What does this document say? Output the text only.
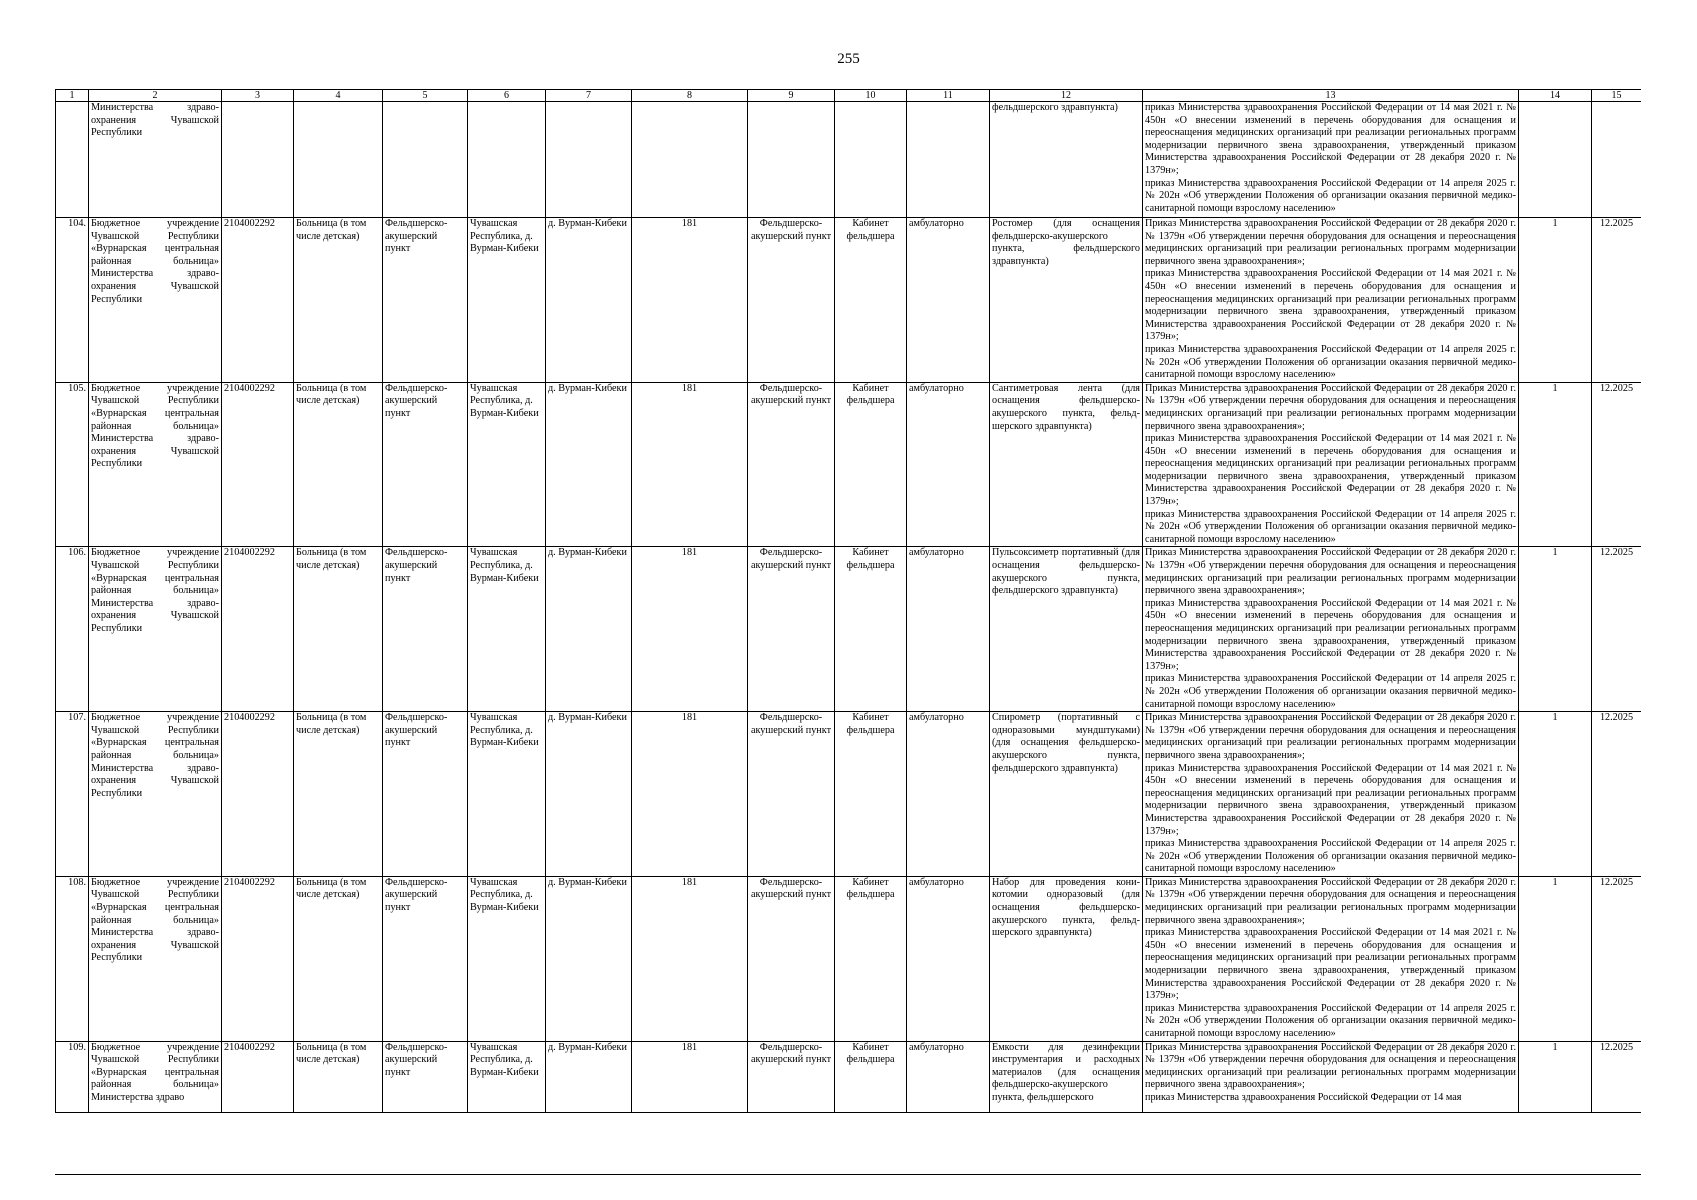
255
1	2	3	4	5	6	7	8	9	10	11	12	13	14	15
	Министерства здравоохранения Чувашской Республики										фельдшерского здравпункта)	приказ Министерства здравоохранения Российской Федерации от 14 мая 2021 г. № 450н «О внесении изменений в перечень оборудования для оснащения и переоснащения медицинских организаций при реализации региональных программ модернизации первичного звена здравоохранения, утвержденный приказом Министерства здравоохранения Российской Федерации от 28 декабря 2020 г. № 1379н»;
приказ Министерства здравоохранения Российской Федерации от 14 апреля 2025 г. № 202н «Об утверждении Положения об организации оказания первичной медико-санитарной помощи взрослому населению»		

104.	Бюджетное учреждение Чувашской Республики «Вурнарская центральная районная больница» Министерства здравоохранения Чувашской Республики	2104002292	Больница (в том числе детская)	Фельдшерско-акушерский пункт	Чувашская Республика, д. Вурман-Кибеки	д. Вурман-Кибеки	181	Фельдшерско-акушерский пункт	Кабинет фельдшера	амбулаторно	Ростомер (для оснащения фельдшерско-акушерского пункта, фельдшерского здравпункта)	Приказ Министерства здравоохранения Российской Федерации от 28 декабря 2020 г. № 1379н «Об утверждении перечня оборудования для оснащения и переоснащения медицинских организаций при реализации региональных программ модернизации первичного звена здравоохранения»;
приказ Министерства здравоохранения Российской Федерации от 14 мая 2021 г. № 450н «О внесении изменений в перечень оборудования для оснащения и переоснащения медицинских организаций при реализации региональных программ модернизации первичного звена здравоохранения, утвержденный приказом Министерства здравоохранения Российской Федерации от 28 декабря 2020 г. № 1379н»;
приказ Министерства здравоохранения Российской Федерации от 14 апреля 2025 г. № 202н «Об утверждении Положения об организации оказания первичной медико-санитарной помощи взрослому населению»	1	12.2025
105.	Бюджетное учреждение Чувашской Республики «Вурнарская центральная районная больница» Министерства здравоохранения Чувашской Республики	2104002292	Больница (в том числе детская)	Фельдшерско-акушерский пункт	Чувашская Республика, д. Вурман-Кибеки	д. Вурман-Кибеки	181	Фельдшерско-акушерский пункт	Кабинет фельдшера	амбулаторно	Сантиметровая лента (для оснащения фельдшерско-акушерского пункта, фельдшерского здравпункта)	Приказ Министерства здравоохранения Российской Федерации от 28 декабря 2020 г. № 1379н «Об утверждении перечня оборудования для оснащения и переоснащения медицинских организаций при реализации региональных программ модернизации первичного звена здравоохранения»;
приказ Министерства здравоохранения Российской Федерации от 14 мая 2021 г. № 450н «О внесении изменений в перечень оборудования для оснащения и переоснащения медицинских организаций при реализации региональных программ модернизации первичного звена здравоохранения, утвержденный приказом Министерства здравоохранения Российской Федерации от 28 декабря 2020 г. № 1379н»;
приказ Министерства здравоохранения Российской Федерации от 14 апреля 2025 г. № 202н «Об утверждении Положения об организации оказания первичной медико-санитарной помощи взрослому населению»	1	12.2025
106.	Бюджетное учреждение Чувашской Республики «Вурнарская центральная районная больница» Министерства здравоохранения Чувашской Республики	2104002292	Больница (в том числе детская)	Фельдшерско-акушерский пункт	Чувашская Республика, д. Вурман-Кибеки	д. Вурман-Кибеки	181	Фельдшерско-акушерский пункт	Кабинет фельдшера	амбулаторно	Пульсоксиметр портативный (для оснащения фельдшерско-акушерского пункта, фельдшерского здравпункта)	Приказ Министерства здравоохранения Российской Федерации от 28 декабря 2020 г. № 1379н «Об утверждении перечня оборудования для оснащения и переоснащения медицинских организаций при реализации региональных программ модернизации первичного звена здравоохранения»;
приказ Министерства здравоохранения Российской Федерации от 14 мая 2021 г. № 450н «О внесении изменений в перечень оборудования для оснащения и переоснащения медицинских организаций при реализации региональных программ модернизации первичного звена здравоохранения, утвержденный приказом Министерства здравоохранения Российской Федерации от 28 декабря 2020 г. № 1379н»;
приказ Министерства здравоохранения Российской Федерации от 14 апреля 2025 г. № 202н «Об утверждении Положения об организации оказания первичной медико-санитарной помощи взрослому населению»	1	12.2025
107.	Бюджетное учреждение Чувашской Республики «Вурнарская центральная районная больница» Министерства здравоохранения Чувашской Республики	2104002292	Больница (в том числе детская)	Фельдшерско-акушерский пункт	Чувашская Республика, д. Вурман-Кибеки	д. Вурман-Кибеки	181	Фельдшерско-акушерский пункт	Кабинет фельдшера	амбулаторно	Спирометр (портативный с одноразовыми мундштуками) (для оснащения фельдшерско-акушерского пункта, фельдшерского здравпункта)	Приказ Министерства здравоохранения Российской Федерации от 28 декабря 2020 г. № 1379н «Об утверждении перечня оборудования для оснащения и переоснащения медицинских организаций при реализации региональных программ модернизации первичного звена здравоохранения»;
приказ Министерства здравоохранения Российской Федерации от 14 мая 2021 г. № 450н «О внесении изменений в перечень оборудования для оснащения и переоснащения медицинских организаций при реализации региональных программ модернизации первичного звена здравоохранения, утвержденный приказом Министерства здравоохранения Российской Федерации от 28 декабря 2020 г. № 1379н»;
приказ Министерства здравоохранения Российской Федерации от 14 апреля 2025 г. № 202н «Об утверждении Положения об организации оказания первичной медико-санитарной помощи взрослому населению»	1	12.2025
108.	Бюджетное учреждение Чувашской Республики «Вурнарская центральная районная больница» Министерства здравоохранения Чувашской Республики	2104002292	Больница (в том числе детская)	Фельдшерско-акушерский пункт	Чувашская Республика, д. Вурман-Кибеки	д. Вурман-Кибеки	181	Фельдшерско-акушерский пункт	Кабинет фельдшера	амбулаторно	Набор для проведения коникотомии одноразовый (для оснащения фельдшерско-акушерского пункта, фельдшерского здравпункта)	Приказ Министерства здравоохранения Российской Федерации от 28 декабря 2020 г. № 1379н «Об утверждении перечня оборудования для оснащения и переоснащения медицинских организаций при реализации региональных программ модернизации первичного звена здравоохранения»;
приказ Министерства здравоохранения Российской Федерации от 14 мая 2021 г. № 450н «О внесении изменений в перечень оборудования для оснащения и переоснащения медицинских организаций при реализации региональных программ модернизации первичного звена здравоохранения, утвержденный приказом Министерства здравоохранения Российской Федерации от 28 декабря 2020 г. № 1379н»;
приказ Министерства здравоохранения Российской Федерации от 14 апреля 2025 г. № 202н «Об утверждении Положения об организации оказания первичной медико-санитарной помощи взрослому населению»	1	12.2025
109.	Бюджетное учреждение Чувашской Республики «Вурнарская центральная районная больница» Министерства здраво	2104002292	Больница (в том числе детская)	Фельдшерско-акушерский пункт	Чувашская Республика, д. Вурман-Кибеки	д. Вурман-Кибеки	181	Фельдшерско-акушерский пункт	Кабинет фельдшера	амбулаторно	Емкости для дезинфекции инструментария и расходных материалов (для оснащения фельдшерско-акушерского пункта, фельдшерского	Приказ Министерства здравоохранения Российской Федерации от 28 декабря 2020 г. № 1379н «Об утверждении перечня оборудования для оснащения и переоснащения медицинских организаций при реализации региональных программ модернизации первичного звена здравоохранения»;
приказ Министерства здравоохранения Российской Федерации от 14 мая	1	12.2025
